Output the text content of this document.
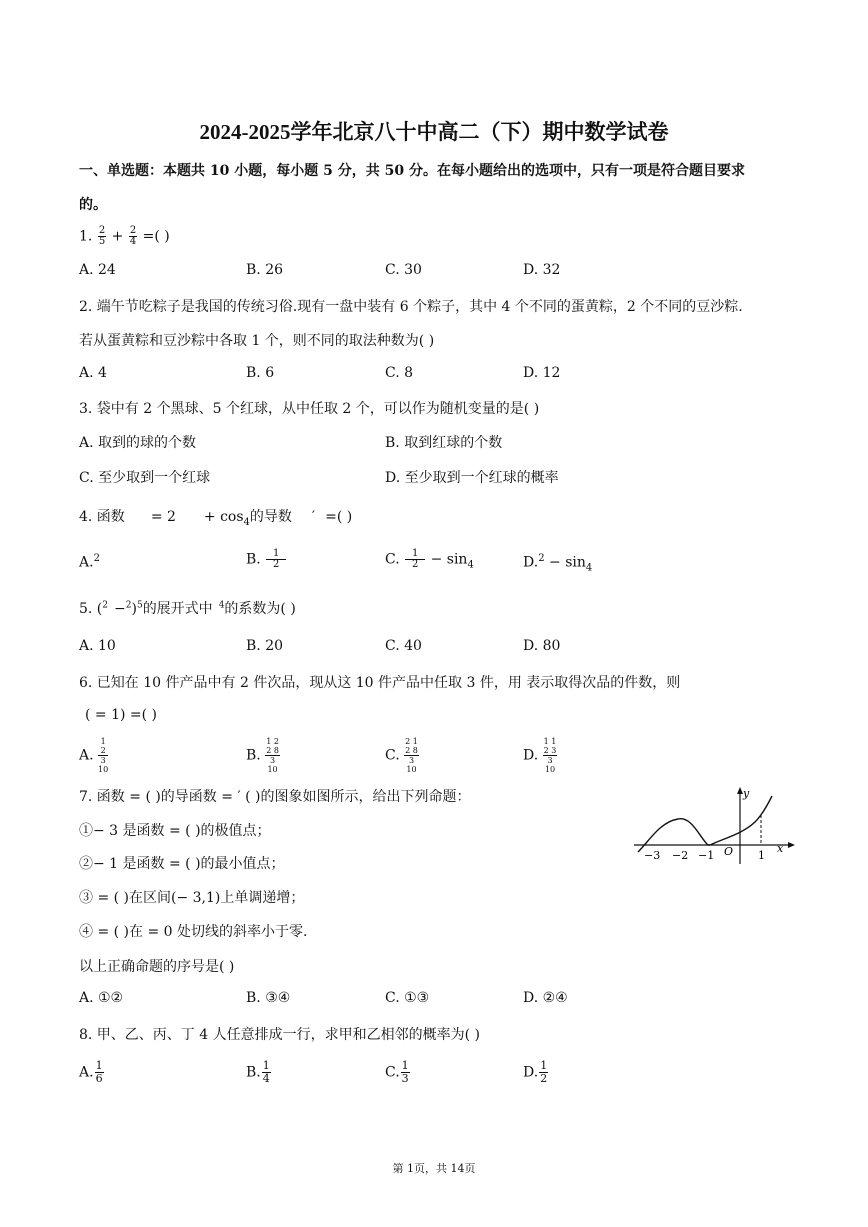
2024-2025学年北京八十中高二（下）期中数学试卷
一、单选题：本题共 10 小题，每小题 5 分，共 50 分。在每小题给出的选项中，只有一项是符合题目要求
的。
1. $\frac{2}{5} + \frac{2}{4}$ =( )
A. 24	B. 26	C. 30	D. 32
2. 端午节吃粽子是我国的传统习俗.现有一盘中装有 6 个粽子，其中 4 个不同的蛋黄粽，2 个不同的豆沙粽.
若从蛋黄粽和豆沙粽中各取 1 个，则不同的取法种数为( )
A. 4	B. 6	C. 8	D. 12
3. 袋中有 2 个黑球、5 个红球，从中任取 2 个，可以作为随机变量的是( )
A. 取到的球的个数	B. 取到红球的个数
C. 至少取到一个红球	D. 至少取到一个红球的概率
4. 函数 = $2 + \cos_4$的导数 ′ =( )
A.$^2$	B. $\frac{1}{2}$	C. $\frac{1}{2} - \sin_4$	$D.^2 - \sin_4$
5. $(^2 -^2)^5$的展开式中 $^4$的系数为( )
A. 10	B. 20	C. 40	D. 80
6. 已知在 10 件产品中有 2 件次品，现从这 10 件产品中任取 3 件，用 表示取得次品的件数，则
( = 1) =( )
A.
1
2
3
10
B.
1 2
2 8
3
10
C.
2 1
2 8
3
10
D.
1 1
2 3
3
10
7. 函数 = ( )的导函数 = ′ ( )的图象如图所示，给出下列命题：
①− 3 是函数 = ( )的极值点；
②− 1 是函数 = ( )的最小值点；
③ = ( )在区间(− 3,1)上单调递增；
④ = ( )在 = 0 处切线的斜率小于零.
以上正确命题的序号是( )
A. ①②	B. ③④	C. ①③	D. ②④
−3 −2 −1 O 1
x
y
8. 甲、乙、丙、丁 4 人任意排成一行，求甲和乙相邻的概率为( )
A. $\frac{1}{6}$	B. $\frac{1}{4}$	C. $\frac{1}{3}$	D. $\frac{1}{2}$
第 1页，共 14页
